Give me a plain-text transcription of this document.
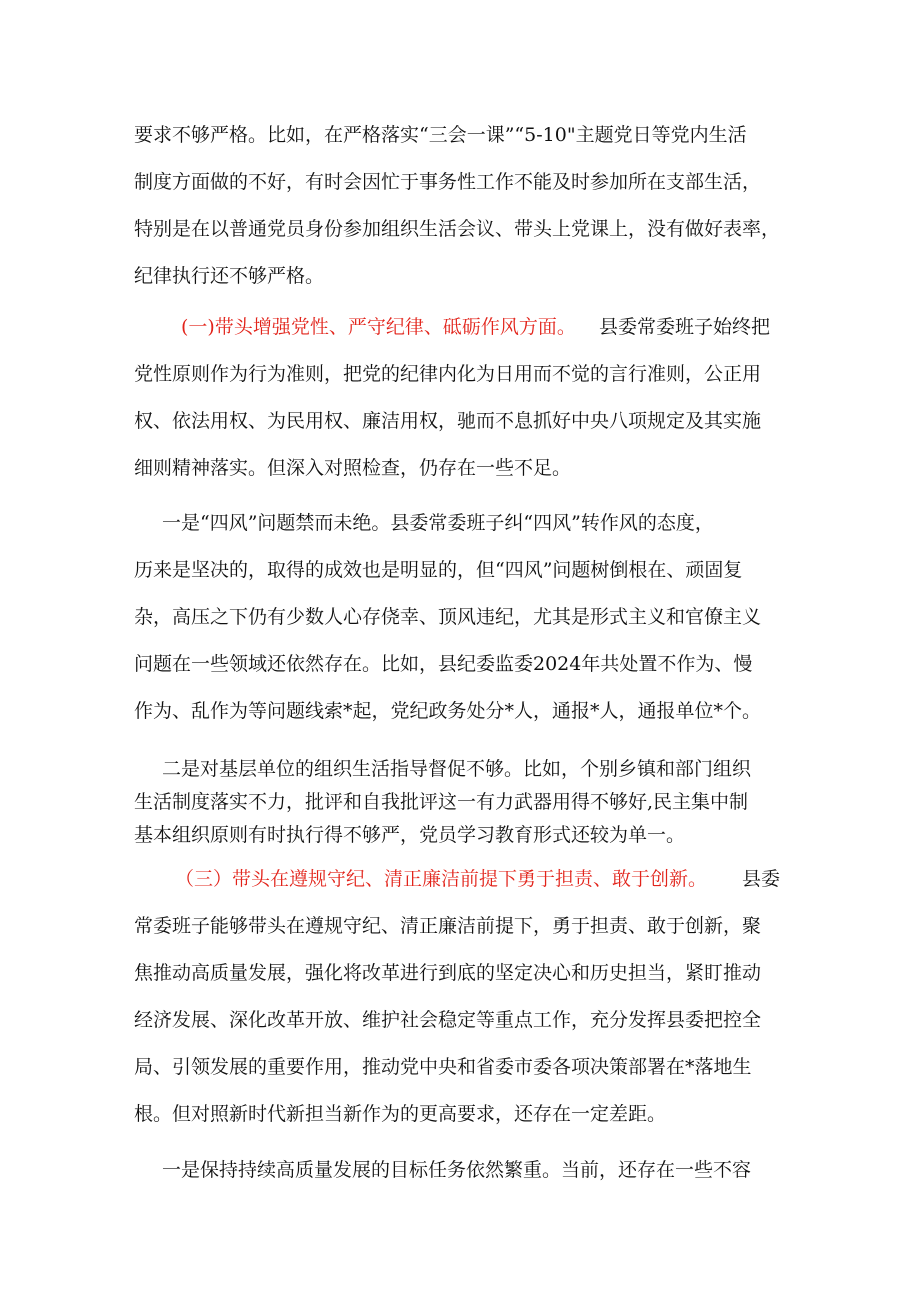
要求不够严格。比如，在严格落实“三会一课”“5-10"主题党日等党内生活
制度方面做的不好，有时会因忙于事务性工作不能及时参加所在支部生活，
特别是在以普通党员身份参加组织生活会议、带头上党课上，没有做好表率，
纪律执行还不够严格。
(一)带头增强党性、严守纪律、砥砺作风方面。 县委常委班子始终把
党性原则作为行为准则，把党的纪律内化为日用而不觉的言行准则，公正用
权、依法用权、为民用权、廉洁用权，驰而不息抓好中央八项规定及其实施
细则精神落实。但深入对照检查，仍存在一些不足。
一是“四风”问题禁而未绝。县委常委班子纠“四风”转作风的态度，
历来是坚决的，取得的成效也是明显的，但“四风”问题树倒根在、顽固复
杂，高压之下仍有少数人心存侥幸、顶风违纪，尤其是形式主义和官僚主义
问题在一些领域还依然存在。比如，县纪委监委2024年共处置不作为、慢
作为、乱作为等问题线索*起，党纪政务处分*人，通报*人，通报单位*个。
二是对基层单位的组织生活指导督促不够。比如，个别乡镇和部门组织
生活制度落实不力，批评和自我批评这一有力武器用得不够好,民主集中制
基本组织原则有时执行得不够严，党员学习教育形式还较为单一。
（三）带头在遵规守纪、清正廉洁前提下勇于担责、敢于创新。 县委
常委班子能够带头在遵规守纪、清正廉洁前提下，勇于担责、敢于创新，聚
焦推动高质量发展，强化将改革进行到底的坚定决心和历史担当，紧盯推动
经济发展、深化改革开放、维护社会稳定等重点工作，充分发挥县委把控全
局、引领发展的重要作用，推动党中央和省委市委各项决策部署在*落地生
根。但对照新时代新担当新作为的更高要求，还存在一定差距。
一是保持持续高质量发展的目标任务依然繁重。当前，还存在一些不容
